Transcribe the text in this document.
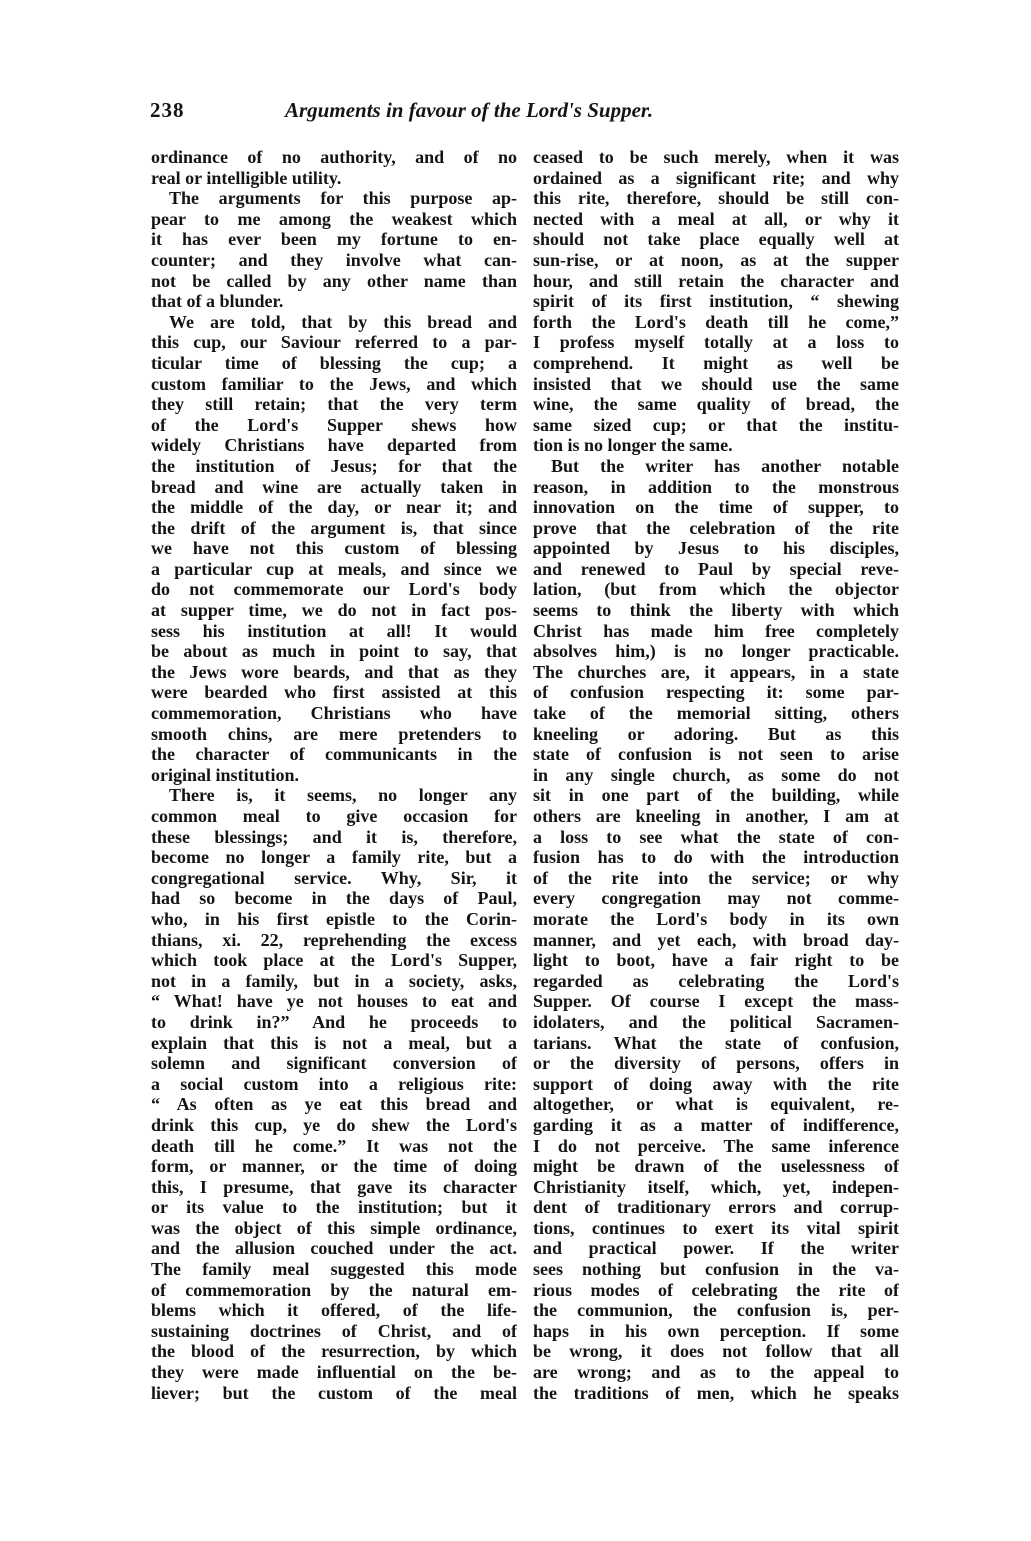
238	Arguments in favour of the Lord's Supper.
ordinance of no authority, and of no
real or intelligible utility.
The arguments for this purpose ap-
pear to me among the weakest which
it has ever been my fortune to en-
counter; and they involve what can-
not be called by any other name than
that of a blunder.
We are told, that by this bread and
this cup, our Saviour referred to a par-
ticular time of blessing the cup; a
custom familiar to the Jews, and which
they still retain; that the very term
of the Lord's Supper shews how
widely Christians have departed from
the institution of Jesus; for that the
bread and wine are actually taken in
the middle of the day, or near it; and
the drift of the argument is, that since
we have not this custom of blessing
a particular cup at meals, and since we
do not commemorate our Lord's body
at supper time, we do not in fact pos-
sess his institution at all! It would
be about as much in point to say, that
the Jews wore beards, and that as they
were bearded who first assisted at this
commemoration, Christians who have
smooth chins, are mere pretenders to
the character of communicants in the
original institution.
There is, it seems, no longer any
common meal to give occasion for
these blessings; and it is, therefore,
become no longer a family rite, but a
congregational service. Why, Sir, it
had so become in the days of Paul,
who, in his first epistle to the Corin-
thians, xi. 22, reprehending the excess
which took place at the Lord's Supper,
not in a family, but in a society, asks,
“ What! have ye not houses to eat and
to drink in?” And he proceeds to
explain that this is not a meal, but a
solemn and significant conversion of
a social custom into a religious rite:
“ As often as ye eat this bread and
drink this cup, ye do shew the Lord's
death till he come.” It was not the
form, or manner, or the time of doing
this, I presume, that gave its character
or its value to the institution; but it
was the object of this simple ordinance,
and the allusion couched under the act.
The family meal suggested this mode
of commemoration by the natural em-
blems which it offered, of the life-
sustaining doctrines of Christ, and of
the blood of the resurrection, by which
they were made influential on the be-
liever; but the custom of the meal
ceased to be such merely, when it was
ordained as a significant rite; and why
this rite, therefore, should be still con-
nected with a meal at all, or why it
should not take place equally well at
sun-rise, or at noon, as at the supper
hour, and still retain the character and
spirit of its first institution, “ shewing
forth the Lord's death till he come,”
I profess myself totally at a loss to
comprehend. It might as well be
insisted that we should use the same
wine, the same quality of bread, the
same sized cup; or that the institu-
tion is no longer the same.
But the writer has another notable
reason, in addition to the monstrous
innovation on the time of supper, to
prove that the celebration of the rite
appointed by Jesus to his disciples,
and renewed to Paul by special reve-
lation, (but from which the objector
seems to think the liberty with which
Christ has made him free completely
absolves him,) is no longer practicable.
The churches are, it appears, in a state
of confusion respecting it: some par-
take of the memorial sitting, others
kneeling or adoring. But as this
state of confusion is not seen to arise
in any single church, as some do not
sit in one part of the building, while
others are kneeling in another, I am at
a loss to see what the state of con-
fusion has to do with the introduction
of the rite into the service; or why
every congregation may not comme-
morate the Lord's body in its own
manner, and yet each, with broad day-
light to boot, have a fair right to be
regarded as celebrating the Lord's
Supper. Of course I except the mass-
idolaters, and the political Sacramen-
tarians. What the state of confusion,
or the diversity of persons, offers in
support of doing away with the rite
altogether, or what is equivalent, re-
garding it as a matter of indifference,
I do not perceive. The same inference
might be drawn of the uselessness of
Christianity itself, which, yet, indepen-
dent of traditionary errors and corrup-
tions, continues to exert its vital spirit
and practical power. If the writer
sees nothing but confusion in the va-
rious modes of celebrating the rite of
the communion, the confusion is, per-
haps in his own perception. If some
be wrong, it does not follow that all
are wrong; and as to the appeal to
the traditions of men, which he speaks
